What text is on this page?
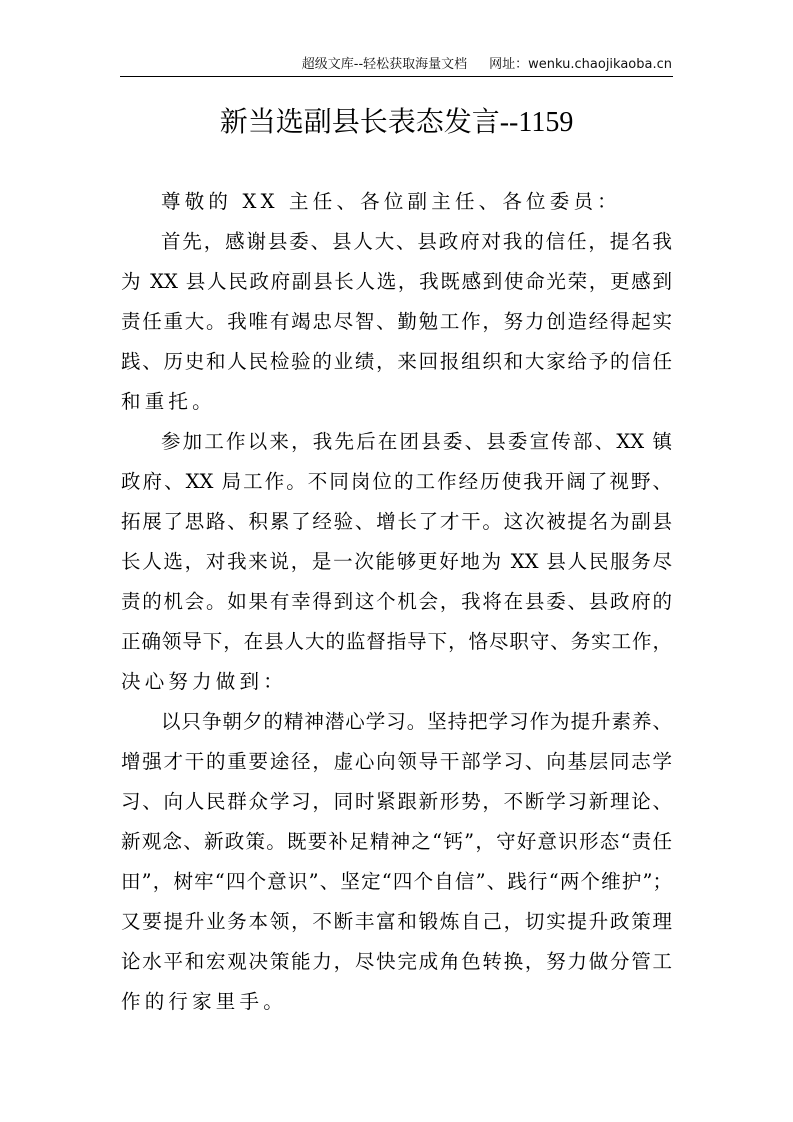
超级文库--轻松获取海量文档 网址：wenku.chaojikaoba.cn
新当选副县长表态发言--1159
尊敬的 XX 主任、各位副主任、各位委员：
首先，感谢县委、县人大、县政府对我的信任，提名我
为 XX 县人民政府副县长人选，我既感到使命光荣，更感到
责任重大。我唯有竭忠尽智、勤勉工作，努力创造经得起实
践、历史和人民检验的业绩，来回报组织和大家给予的信任
和重托。
参加工作以来，我先后在团县委、县委宣传部、XX 镇
政府、XX 局工作。不同岗位的工作经历使我开阔了视野、
拓展了思路、积累了经验、增长了才干。这次被提名为副县
长人选，对我来说，是一次能够更好地为 XX 县人民服务尽
责的机会。如果有幸得到这个机会，我将在县委、县政府的
正确领导下，在县人大的监督指导下，恪尽职守、务实工作，
决心努力做到：
以只争朝夕的精神潜心学习。坚持把学习作为提升素养、
增强才干的重要途径，虚心向领导干部学习、向基层同志学
习、向人民群众学习，同时紧跟新形势，不断学习新理论、
新观念、新政策。既要补足精神之“钙”，守好意识形态“责任
田”，树牢“四个意识”、坚定“四个自信”、践行“两个维护”；
又要提升业务本领，不断丰富和锻炼自己，切实提升政策理
论水平和宏观决策能力，尽快完成角色转换，努力做分管工
作的行家里手。
